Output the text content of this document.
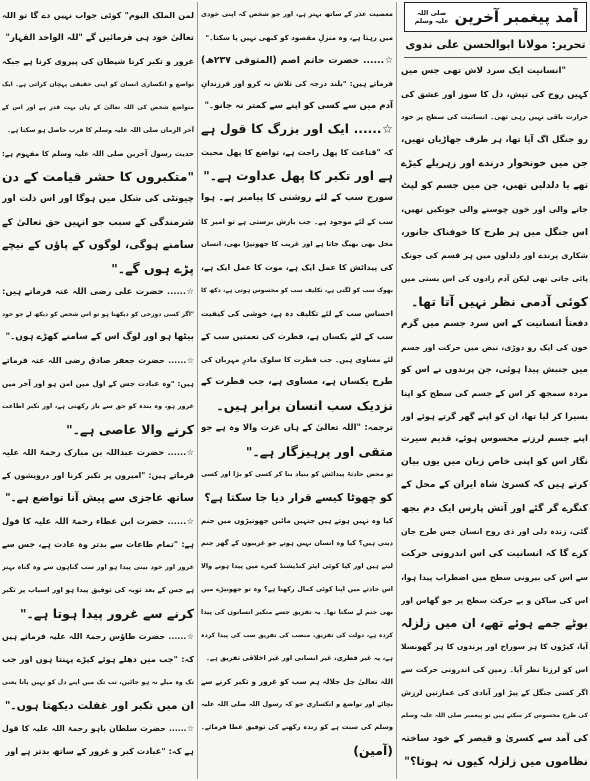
آمد پیغمبر آخرین
صلی اللہ علیہ وسلم
تحریر: مولانا ابوالحسن علی ندوی
"انسانیت ایک سرد لاش تھی جس میں
کہیں روح کی تپش، دل کا سوز اور عشق کی
حرارت باقی نہیں رہی تھی۔ انسانیت کی سطح پر خود
رو جنگل اگ آیا تھا، ہر طرف جھاڑیاں تھیں،
جن میں خونخوار درندے اور زہریلے کیڑے
تھے یا دلدلیں تھیں، جن میں جسم کو لپٹ
جانے والی اور خون چوسنے والی جونکیں تھیں،
اس جنگل میں ہر طرح کا خوفناک جانور،
شکاری پرندے اور دلدلوں میں ہر قسم کی جونک
پائی جاتی تھی لیکن آدم زادوں کی اس بستی میں
کوئی آدمی نظر نہیں آتا تھا۔
دفعتاً انسانیت کے اس سرد جسم میں گرم
خون کی ایک رو دوڑی، نبض میں حرکت اور جسم
میں جنبش پیدا ہوئی، جن پرندوں نے اس کو
مردہ سمجھ کر اس کے جسم کی سطح کو اپنا
بسیرا کر لیا تھا، ان کو اپنے گھر گرتے ہوئے اور
اپنے جسم لرزتے محسوس ہوئے، قدیم سیرت
نگار اس کو اپنی خاص زبان میں یوں بیان
کرتے ہیں کہ کسریٰ شاہ ایران کے محل کے
کنگرے گر گئے اور آتش پارس ایک دم بجھ
گئی، زندہ دلی اور ذی روح انسان جس طرح جان
کرے گا کہ انسانیت کی اس اندرونی حرکت
سے اس کی بیرونی سطح میں اضطراب پیدا ہوا،
اس کی ساکن و بے حرکت سطح پر جو گھاس اور
بوٹے جمے ہوئے تھے، ان میں زلزلہ
آیا، کیڑوں کا ہر سوراخ اور پرندوں کا ہر گھونسلا
اس کو لرزتا نظر آیا۔ زمین کی اندرونی حرکت سے
اگر کسی جنگل کے پیڑ اور آبادی کی عمارتیں لرزش
کی طرح محسوس کر سکتے ہیں تو پیغمبر صلی اللہ علیہ وسلم
کی آمد سے کسریٰ و قیصر کے خود ساختہ
نظاموں میں زلزلہ کیوں نہ ہوتا؟"
معصیت عذر کے ساتھ بہتر ہے، اور جو شخص کہ اپنی خودی
میں رہتا ہے، وہ منزلِ مقصود کو کبھی نہیں پا سکتا۔"
☆...... حضرت حاتم اصم (المتوفی ۲۳۷ھ)
فرماتے ہیں: "بلند درجہ کی تلاش نہ کرو اور فرزندانِ
آدم میں سے کسی کو اپنے سے کمتر نہ جانو۔"
☆...... ایک اور بزرگ کا قول ہے
کہ "قناعت کا پھل راحت ہے، تواضع کا پھل محبت
ہے اور تکبر کا پھل عداوت ہے۔"
سورج سب کے لئے روشنی کا پیامبر ہے۔ ہوا
سب کے لئے موجود ہے۔ جب بارش برستی ہے تو امیر کا
محل بھی بھیگ جاتا ہے اور غریب کا جھونپڑا بھی، انسان
کی پیدائش کا عمل ایک ہے، موت کا عمل ایک ہے،
بھوک سب کو لگتی ہے، تکلیف سب کو محسوس ہوتی ہے، دکھ کا
احساس سب کے لئے تکلیف دہ ہے، خوشی کی کیفیت
سب کے لئے یکساں ہے، فطرت کی نعمتیں سب کے
لئے مساوی ہیں۔ جب فطرت کا سلوک مادرِ مہربان کی
طرح یکساں ہے، مساوی ہے، جب فطرت کے
نزدیک سب انسان برابر ہیں۔
ترجمہ: "اللہ تعالیٰ کے ہاں عزت والا وہ ہے جو
متقی اور پرہیزگار ہے۔"
تو محض حادثۂ پیدائش کو بنیاد بنا کر کسی کو بڑا اور کسی
کو چھوٹا کیسے قرار دیا جا سکتا ہے؟
کیا وہ نہیں ہوتے ہیں جنہیں مائیں جھونپڑوں میں جنم
دیتی ہیں؟ کیا وہ انسان نہیں ہوتے جو غریبوں کے گھر جنم
لیتے ہیں اور کیا کوئی ایئر کنڈیشنڈ کمرے میں پیدا ہونے والا
اس حادثے میں اپنا کوئی کمال رکھتا ہے؟ وہ تو جھونپڑے میں
بھی جنم لے سکتا تھا۔ یہ تفریق جسے متکبر انسانوں کی پیدا
کردہ ہے، دولت کی تفریق، منصب کی تفریق سب کی پیدا کردہ
ہے، یہ غیر فطری، غیر انسانی اور غیر اخلاقی تفریق ہے۔
اللہ تعالیٰ جل جلالہ ہم سب کو غرور و تکبر کرنے سے
بچائے اور تواضع و انکساری جو کہ رسول اللہ صلی اللہ علیہ
وسلم کی سنت ہے کو زندہ رکھنے کی توفیق عطا فرمائے۔
(آمین)
لمن الملک الیوم" کوئی جواب نہیں دے گا تو اللہ
تعالیٰ خود ہی فرمائیں گے "للہ الواحد القہار"
غرور و تکبر کرنا شیطان کی پیروی کرنا ہے جبکہ
تواضع و انکساری انسان کو اپنی حقیقی پہچان کراتی ہے۔ ایک
متواضع شخص کی اللہ تعالیٰ کے ہاں بہت قدر ہے اور اس کے
آخر الزماں صلی اللہ علیہ وسلم کا قرب حاصل ہو سکتا ہے۔
حدیث رسول آخرین صلی اللہ علیہ وسلم کا مفہوم ہے:
"متکبروں کا حشر قیامت کے دن
چیونٹی کی شکل میں ہوگا اور اس ذلت اور
شرمندگی کے سبب جو انہیں حق تعالیٰ کے
سامنے ہوگی، لوگوں کے پاؤں کے نیچے
پڑے ہوں گے۔"
☆...... حضرت علی رضی اللہ عنہ فرماتے ہیں:
"اگر کسی دوزخی کو دیکھنا ہو تو اس شخص کو دیکھ لے جو خود
بیٹھا ہو اور لوگ اس کے سامنے کھڑے ہوں۔"
☆...... حضرت جعفر صادق رضی اللہ عنہ فرماتے
ہیں: "وہ عبادت جس کے اول میں امن ہو اور آخر میں
غرور ہو، وہ بندہ کو حق سے باز رکھتی ہے، اور تکبر اطاعت
کرنے والا عاصی ہے۔"
☆...... حضرت عبداللہ بن مبارک رحمۃ اللہ علیہ
فرماتے ہیں: "امیروں پر تکبر کرنا اور درویشوں کے
ساتھ عاجزی سے پیش آنا تواضع ہے۔"
☆...... حضرت ابن عطاء رحمۃ اللہ علیہ کا قول
ہے: "تمام طاعات سے بدتر وہ عادت ہے، جس سے
غرور اور خود بینی پیدا ہو اور سب گناہوں سے وہ گناہ بہتر
ہے جس کے بعد توبہ کی توفیق پیدا ہو اور اسباب پر تکبر
کرنے سے غرور پیدا ہوتا ہے۔"
☆...... حضرت طاؤس رحمۃ اللہ علیہ فرماتے ہیں
کہ: "جب میں دھلے ہوئے کپڑے پہنتا ہوں اور جب
تک وہ میلے نہ ہو جائیں، تب تک میں اپنے دل کو نہیں پاتا یعنی
ان میں تکبر اور غفلت دیکھتا ہوں۔"
☆...... حضرت سلطان باہو رحمۃ اللہ علیہ کا قول
ہے کہ: "عبادت کبر و غرور کے ساتھ بدتر ہے اور
